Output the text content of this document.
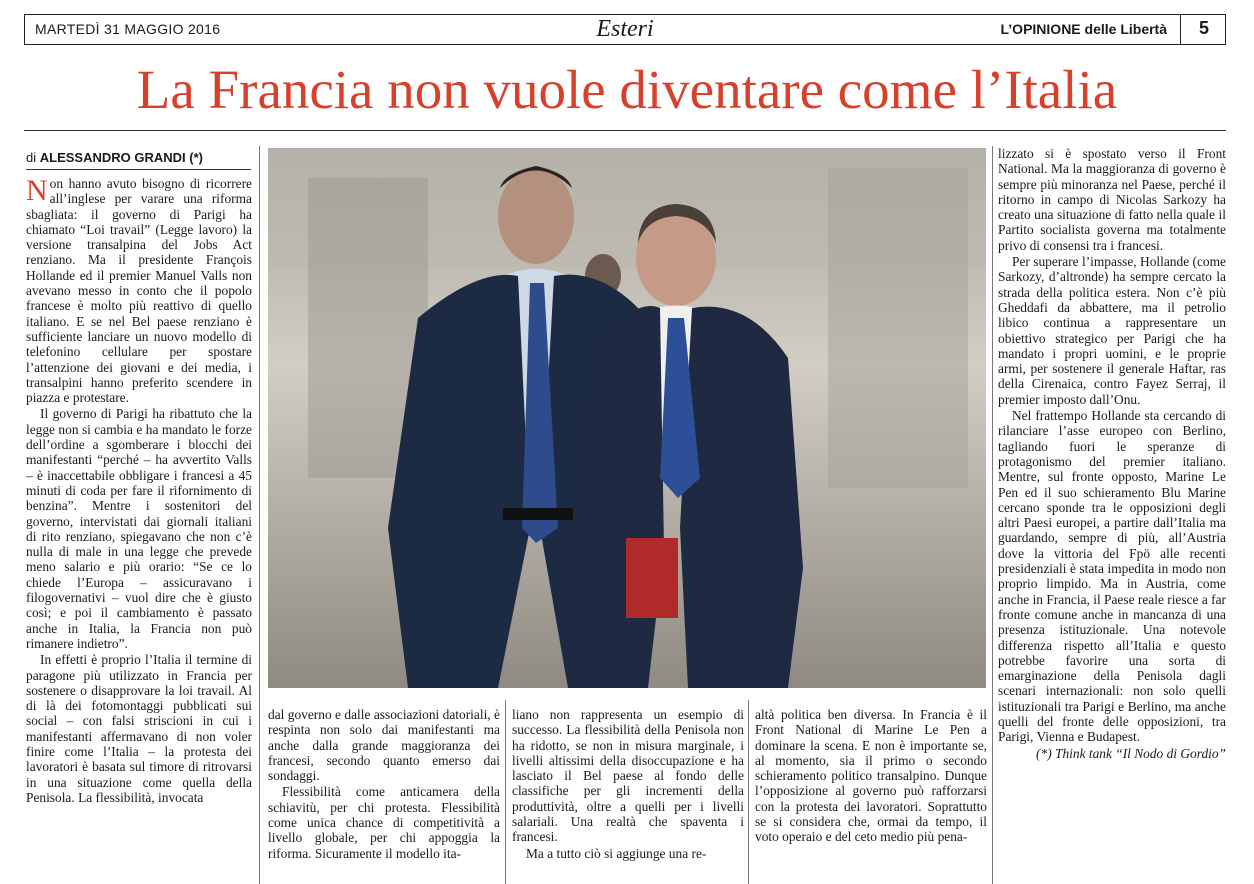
MARTEDÌ 31 MAGGIO 2016	Esteri	L’OPINIONE delle Libertà 5
La Francia non vuole diventare come l’Italia
di ALESSANDRO GRANDI (*)

Non hanno avuto bisogno di ricorrere all’inglese per varare una riforma sbagliata: il governo di Parigi ha chiamato “Loi travail” (Legge lavoro) la versione transalpina del Jobs Act renziano. Ma il presidente François Hollande ed il premier Manuel Valls non avevano messo in conto che il popolo francese è molto più reattivo di quello italiano. E se nel Bel paese renziano è sufficiente lanciare un nuovo modello di telefonino cellulare per spostare l’attenzione dei giovani e dei media, i transalpini hanno preferito scendere in piazza e protestare.

Il governo di Parigi ha ribattuto che la legge non si cambia e ha mandato le forze dell’ordine a sgomberare i blocchi dei manifestanti “perché – ha avvertito Valls – è inaccettabile obbligare i francesi a 45 minuti di coda per fare il rifornimento di benzina”. Mentre i sostenitori del governo, intervistati dai giornali italiani di rito renziano, spiegavano che non c’è nulla di male in una legge che prevede meno salario e più orario: “Se ce lo chiede l’Europa – assicuravano i filogovernativi – vuol dire che è giusto così; e poi il cambiamento è passato anche in Italia, la Francia non può rimanere indietro”.

In effetti è proprio l’Italia il termine di paragone più utilizzato in Francia per sostenere o disapprovare la loi travail. Al di là dei fotomontaggi pubblicati sui social – con falsi striscioni in cui i manifestanti affermavano di non voler finire come l’Italia – la protesta dei lavoratori è basata sul timore di ritrovarsi in una situazione come quella della Penisola. La flessibilità, invocata

dal governo e dalle associazioni datoriali, è respinta non solo dai manifestanti ma anche dalla grande maggioranza dei francesi, secondo quanto emerso dai sondaggi.

Flessibilità come anticamera della schiavitù, per chi protesta. Flessibilità come unica chance di competitività a livello globale, per chi appoggia la riforma. Sicuramente il modello ita-

liano non rappresenta un esempio di successo. La flessibilità della Penisola non ha ridotto, se non in misura marginale, i livelli altissimi della disoccupazione e ha lasciato il Bel paese al fondo delle classifiche per gli incrementi della produttività, oltre a quelli per i livelli salariali. Una realtà che spaventa i francesi.

Ma a tutto ciò si aggiunge una re-

altà politica ben diversa. In Francia è il Front National di Marine Le Pen a dominare la scena. E non è importante se, al momento, sia il primo o secondo schieramento politico transalpino. Dunque l’opposizione al governo può rafforzarsi con la protesta dei lavoratori. Soprattutto se si considera che, ormai da tempo, il voto operaio e del ceto medio più pena-

lizzato si è spostato verso il Front National. Ma la maggioranza di governo è sempre più minoranza nel Paese, perché il ritorno in campo di Nicolas Sarkozy ha creato una situazione di fatto nella quale il Partito socialista governa ma totalmente privo di consensi tra i francesi.

Per superare l’impasse, Hollande (come Sarkozy, d’altronde) ha sempre cercato la strada della politica estera. Non c’è più Gheddafi da abbattere, ma il petrolio libico continua a rappresentare un obiettivo strategico per Parigi che ha mandato i propri uomini, e le proprie armi, per sostenere il generale Haftar, ras della Cirenaica, contro Fayez Serraj, il premier imposto dall’Onu.

Nel frattempo Hollande sta cercando di rilanciare l’asse europeo con Berlino, tagliando fuori le speranze di protagonismo del premier italiano. Mentre, sul fronte opposto, Marine Le Pen ed il suo schieramento Blu Marine cercano sponde tra le opposizioni degli altri Paesi europei, a partire dall’Italia ma guardando, sempre di più, all’Austria dove la vittoria del Fpö alle recenti presidenziali è stata impedita in modo non proprio limpido. Ma in Austria, come anche in Francia, il Paese reale riesce a far fronte comune anche in mancanza di una presenza istituzionale. Una notevole differenza rispetto all’Italia e questo potrebbe favorire una sorta di emarginazione della Penisola dagli scenari internazionali: non solo quelli istituzionali tra Parigi e Berlino, ma anche quelli del fronte delle opposizioni, tra Parigi, Vienna e Budapest.

(*) Think tank “Il Nodo di Gordio”
